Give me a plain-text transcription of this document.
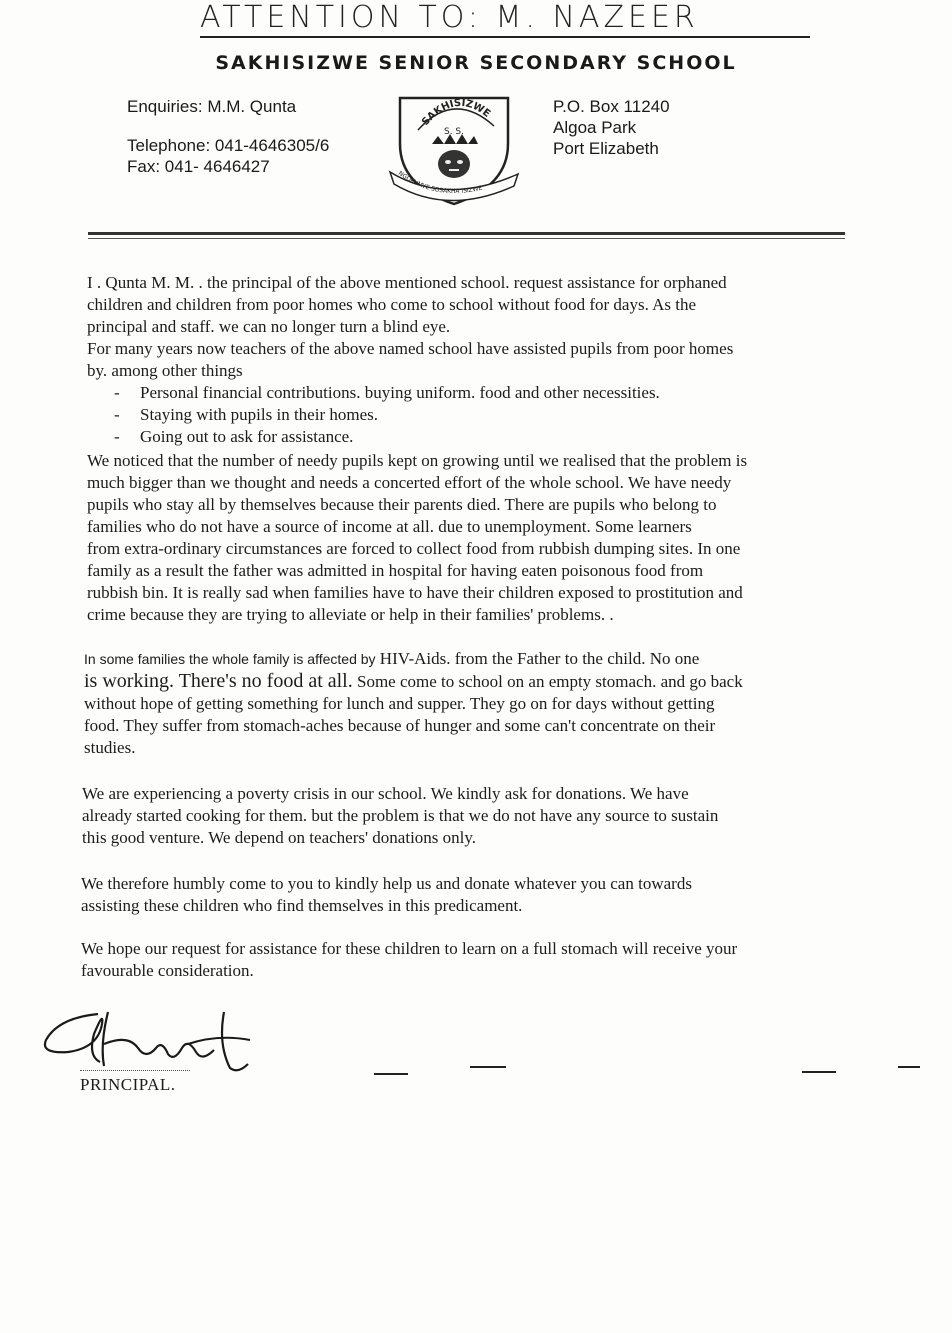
ATTENTION TO: M. NAZEER
SAKHISIZWE SENIOR SECONDARY SCHOOL

Enquiries: M.M. Qunta

Telephone: 041-4646305/6

Fax: 041- 4646427

SAKHISIZWE
S. S.
NGOKUMYE SOSAKHA ISIZWE

P.O. Box 11240

Algoa Park

Port Elizabeth

I . Qunta M. M. . the principal of the above mentioned school. request assistance for orphaned

children and children from poor homes who come to school without food for days. As the

principal and staff. we can no longer turn a blind eye.

For many years now teachers of the above named school have assisted pupils from poor homes

by. among other things

- Personal financial contributions. buying uniform. food and other necessities.
- Staying with pupils in their homes.
- Going out to ask for assistance.

We noticed that the number of needy pupils kept on growing until we realised that the problem is

much bigger than we thought and needs a concerted effort of the whole school. We have needy

pupils who stay all by themselves because their parents died. There are pupils who belong to

families who do not have a source of income at all. due to unemployment. Some learners

from extra-ordinary circumstances are forced to collect food from rubbish dumping sites. In one

family as a result the father was admitted in hospital for having eaten poisonous food from

rubbish bin. It is really sad when families have to have their children exposed to prostitution and

crime because they are trying to alleviate or help in their families' problems. .

In some families the whole family is affected by HIV-Aids. from the Father to the child. No one

is working. There's no food at all. Some come to school on an empty stomach. and go back

without hope of getting something for lunch and supper. They go on for days without getting

food. They suffer from stomach-aches because of hunger and some can't concentrate on their

studies.

We are experiencing a poverty crisis in our school. We kindly ask for donations. We have

already started cooking for them. but the problem is that we do not have any source to sustain

this good venture. We depend on teachers' donations only.

We therefore humbly come to you to kindly help us and donate whatever you can towards

assisting these children who find themselves in this predicament.

We hope our request for assistance for these children to learn on a full stomach will receive your

favourable consideration.

PRINCIPAL.
